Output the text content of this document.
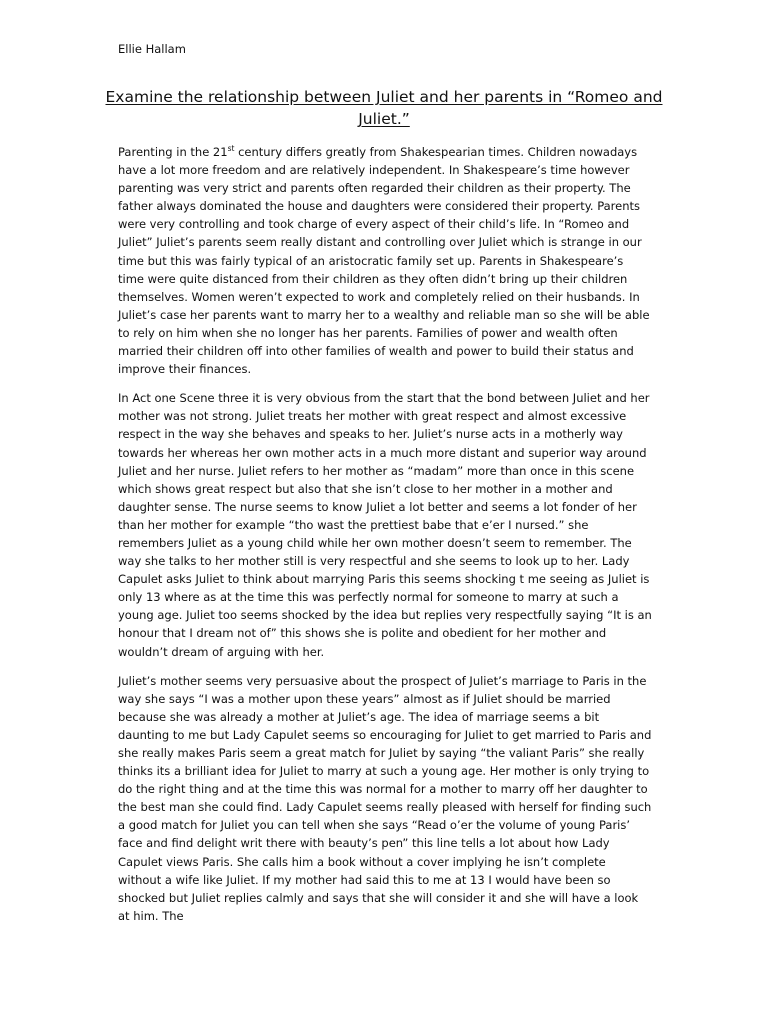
Ellie Hallam
Examine the relationship between Juliet and her parents in “Romeo and Juliet.”

Parenting in the 21st century differs greatly from Shakespearian times. Children nowadays have a lot more freedom and are relatively independent. In Shakespeare’s time however parenting was very strict and parents often regarded their children as their property. The father always dominated the house and daughters were considered their property. Parents were very controlling and took charge of every aspect of their child’s life. In “Romeo and Juliet” Juliet’s parents seem really distant and controlling over Juliet which is strange in our time but this was fairly typical of an aristocratic family set up. Parents in Shakespeare’s time were quite distanced from their children as they often didn’t bring up their children themselves. Women weren’t expected to work and completely relied on their husbands. In Juliet’s case her parents want to marry her to a wealthy and reliable man so she will be able to rely on him when she no longer has her parents. Families of power and wealth often married their children off into other families of wealth and power to build their status and improve their finances.

In Act one Scene three it is very obvious from the start that the bond between Juliet and her mother was not strong. Juliet treats her mother with great respect and almost excessive respect in the way she behaves and speaks to her. Juliet’s nurse acts in a motherly way towards her whereas her own mother acts in a much more distant and superior way around Juliet and her nurse. Juliet refers to her mother as “madam” more than once in this scene which shows great respect but also that she isn’t close to her mother in a mother and daughter sense. The nurse seems to know Juliet a lot better and seems a lot fonder of her than her mother for example “tho wast the prettiest babe that e’er I nursed.” she remembers Juliet as a young child while her own mother doesn’t seem to remember. The way she talks to her mother still is very respectful and she seems to look up to her. Lady Capulet asks Juliet to think about marrying Paris this seems shocking t me seeing as Juliet is only 13 where as at the time this was perfectly normal for someone to marry at such a young age. Juliet too seems shocked by the idea but replies very respectfully saying “It is an honour that I dream not of” this shows she is polite and obedient for her mother and wouldn’t dream of arguing with her.

Juliet’s mother seems very persuasive about the prospect of Juliet’s marriage to Paris in the way she says “I was a mother upon these years” almost as if Juliet should be married because she was already a mother at Juliet’s age. The idea of marriage seems a bit daunting to me but Lady Capulet seems so encouraging for Juliet to get married to Paris and she really makes Paris seem a great match for Juliet by saying “the valiant Paris” she really thinks its a brilliant idea for Juliet to marry at such a young age. Her mother is only trying to do the right thing and at the time this was normal for a mother to marry off her daughter to the best man she could find. Lady Capulet seems really pleased with herself for finding such a good match for Juliet you can tell when she says “Read o’er the volume of young Paris’ face and find delight writ there with beauty’s pen” this line tells a lot about how Lady Capulet views Paris. She calls him a book without a cover implying he isn’t complete without a wife like Juliet. If my mother had said this to me at 13 I would have been so shocked but Juliet replies calmly and says that she will consider it and she will have a look at him. The
